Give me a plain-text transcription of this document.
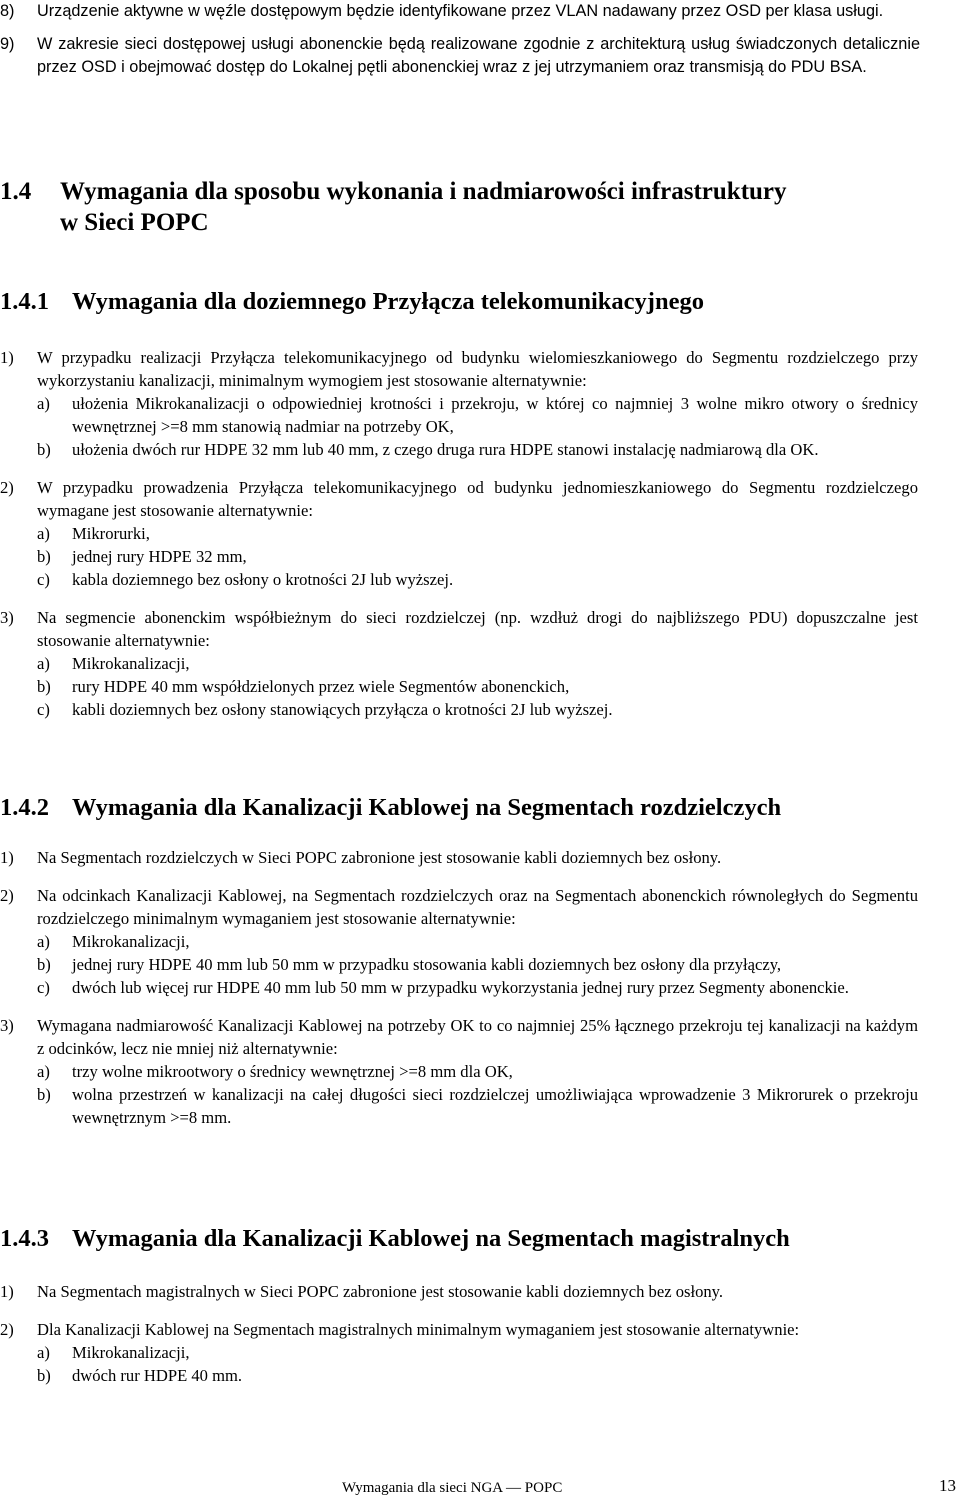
8) Urządzenie aktywne w węźle dostępowym będzie identyfikowane przez VLAN nadawany przez OSD per klasa usługi.
9) W zakresie sieci dostępowej usługi abonenckie będą realizowane zgodnie z architekturą usług świadczonych detalicznie przez OSD i obejmować dostęp do Lokalnej pętli abonenckiej wraz z jej utrzymaniem oraz transmisją do PDU BSA.
1.4 Wymagania dla sposobu wykonania i nadmiarowości infrastruktury
w Sieci POPC
1.4.1 Wymagania dla doziemnego Przyłącza telekomunikacyjnego
1) W przypadku realizacji Przyłącza telekomunikacyjnego od budynku wielomieszkaniowego do Segmentu rozdzielczego przy wykorzystaniu kanalizacji, minimalnym wymogiem jest stosowanie alternatywnie:
a) ułożenia Mikrokanalizacji o odpowiedniej krotności i przekroju, w której co najmniej 3 wolne mikro otwory o średnicy wewnętrznej >=8 mm stanowią nadmiar na potrzeby OK,
b) ułożenia dwóch rur HDPE 32 mm lub 40 mm, z czego druga rura HDPE stanowi instalację nadmiarową dla OK.
2) W przypadku prowadzenia Przyłącza telekomunikacyjnego od budynku jednomieszkaniowego do Segmentu rozdzielczego wymagane jest stosowanie alternatywnie:
a) Mikrorurki,
b) jednej rury HDPE 32 mm,
c) kabla doziemnego bez osłony o krotności 2J lub wyższej.
3) Na segmencie abonenckim współbieżnym do sieci rozdzielczej (np. wzdłuż drogi do najbliższego PDU) dopuszczalne jest stosowanie alternatywnie:
a) Mikrokanalizacji,
b) rury HDPE 40 mm współdzielonych przez wiele Segmentów abonenckich,
c) kabli doziemnych bez osłony stanowiących przyłącza o krotności 2J lub wyższej.
1.4.2 Wymagania dla Kanalizacji Kablowej na Segmentach rozdzielczych
1) Na Segmentach rozdzielczych w Sieci POPC zabronione jest stosowanie kabli doziemnych bez osłony.
2) Na odcinkach Kanalizacji Kablowej, na Segmentach rozdzielczych oraz na Segmentach abonenckich równoległych do Segmentu rozdzielczego minimalnym wymaganiem jest stosowanie alternatywnie:
a) Mikrokanalizacji,
b) jednej rury HDPE 40 mm lub 50 mm w przypadku stosowania kabli doziemnych bez osłony dla przyłączy,
c) dwóch lub więcej rur HDPE 40 mm lub 50 mm w przypadku wykorzystania jednej rury przez Segmenty abonenckie.
3) Wymagana nadmiarowość Kanalizacji Kablowej na potrzeby OK to co najmniej 25% łącznego przekroju tej kanalizacji na każdym z odcinków, lecz nie mniej niż alternatywnie:
a) trzy wolne mikrootwory o średnicy wewnętrznej >=8 mm dla OK,
b) wolna przestrzeń w kanalizacji na całej długości sieci rozdzielczej umożliwiająca wprowadzenie 3 Mikrorurek o przekroju wewnętrznym >=8 mm.
1.4.3 Wymagania dla Kanalizacji Kablowej na Segmentach magistralnych
1) Na Segmentach magistralnych w Sieci POPC zabronione jest stosowanie kabli doziemnych bez osłony.
2) Dla Kanalizacji Kablowej na Segmentach magistralnych minimalnym wymaganiem jest stosowanie alternatywnie:
a) Mikrokanalizacji,
b) dwóch rur HDPE 40 mm.
Wymagania dla sieci NGA — POPC	13
